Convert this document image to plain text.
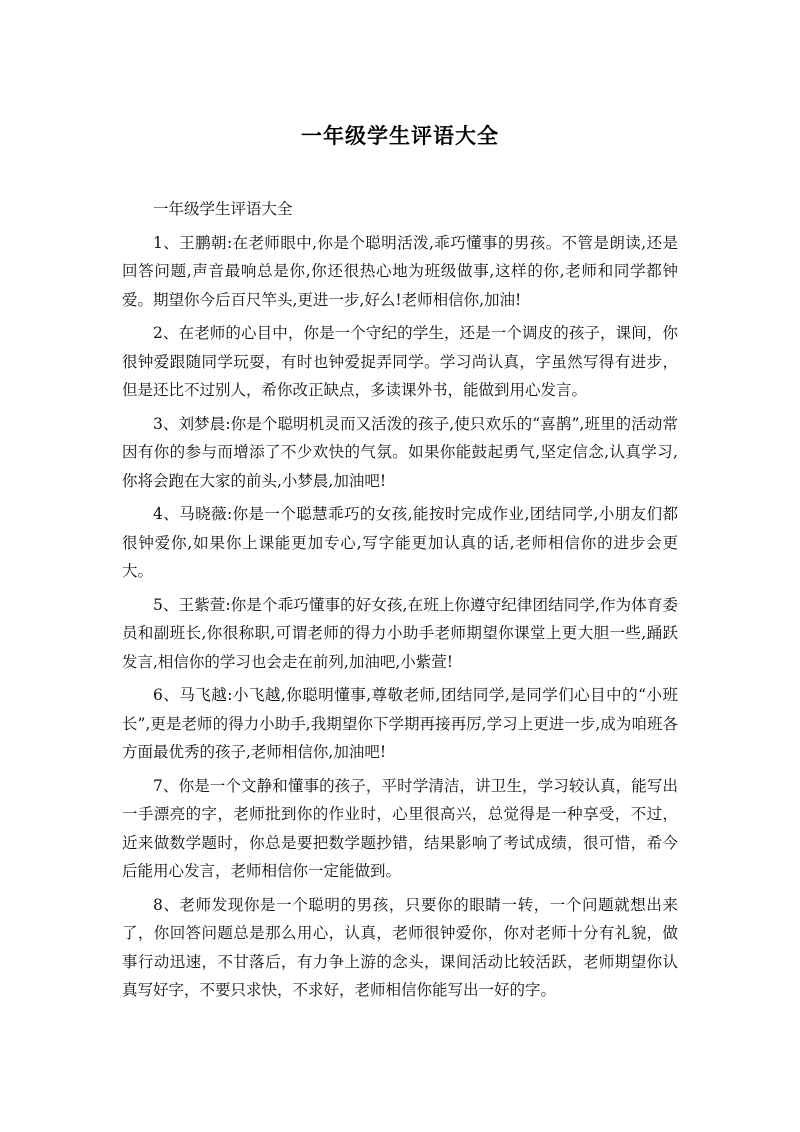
一年级学生评语大全

一年级学生评语大全

1、王鹏朝:在老师眼中,你是个聪明活泼,乖巧懂事的男孩。不管是朗读,还是回答问题,声音最响总是你,你还很热心地为班级做事,这样的你,老师和同学都钟爱。期望你今后百尺竿头,更进一步,好么!老师相信你,加油!

2、在老师的心目中，你是一个守纪的学生，还是一个调皮的孩子，课间，你很钟爱跟随同学玩耍，有时也钟爱捉弄同学。学习尚认真，字虽然写得有进步，但是还比不过别人，希你改正缺点，多读课外书，能做到用心发言。

3、刘梦晨:你是个聪明机灵而又活泼的孩子,使只欢乐的“喜鹊”,班里的活动常因有你的参与而增添了不少欢快的气氛。如果你能鼓起勇气,坚定信念,认真学习,你将会跑在大家的前头,小梦晨,加油吧!

4、马晓薇:你是一个聪慧乖巧的女孩,能按时完成作业,团结同学,小朋友们都很钟爱你,如果你上课能更加专心,写字能更加认真的话,老师相信你的进步会更大。

5、王紫萱:你是个乖巧懂事的好女孩,在班上你遵守纪律团结同学,作为体育委员和副班长,你很称职,可谓老师的得力小助手老师期望你课堂上更大胆一些,踊跃发言,相信你的学习也会走在前列,加油吧,小紫萱!

6、马飞越:小飞越,你聪明懂事,尊敬老师,团结同学,是同学们心目中的“小班长”,更是老师的得力小助手,我期望你下学期再接再厉,学习上更进一步,成为咱班各方面最优秀的孩子,老师相信你,加油吧!

7、你是一个文静和懂事的孩子，平时学清洁，讲卫生，学习较认真，能写出一手漂亮的字，老师批到你的作业时，心里很高兴，总觉得是一种享受，不过，近来做数学题时，你总是要把数学题抄错，结果影响了考试成绩，很可惜，希今后能用心发言，老师相信你一定能做到。

8、老师发现你是一个聪明的男孩，只要你的眼睛一转，一个问题就想出来了，你回答问题总是那么用心，认真，老师很钟爱你，你对老师十分有礼貌，做事行动迅速，不甘落后，有力争上游的念头，课间活动比较活跃，老师期望你认真写好字，不要只求快，不求好，老师相信你能写出一好的字。
